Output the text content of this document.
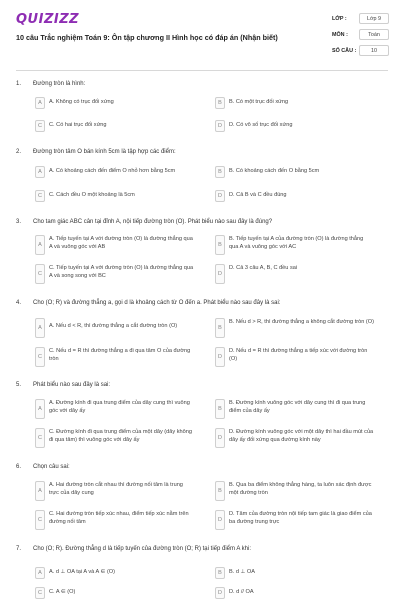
QUIZIZZ
10 câu Trắc nghiệm Toán 9: Ôn tập chương II Hình học có đáp án (Nhận biết)
LỚP :	Lớp 9
MÔN :	Toán
SỐ CÂU :	10
1. Đường tròn là hình:
A	A. Không có trục đối xứng	B	B. Có một trục đối xứng
C	C. Có hai trục đối xứng	D	D. Có vô số trục đối xứng
2. Đường tròn tâm O bán kính 5cm là tập hợp các điểm:
A	A. Có khoảng cách đến điểm O nhỏ hơn bằng 5cm	B	B. Có khoảng cách đến O bằng 5cm
C	C. Cách đều O một khoảng là 5cm	D	D. Cả B và C đều đúng
3. Cho tam giác ABC cân tại đỉnh A, nội tiếp đường tròn (O). Phát biểu nào sau đây là đúng?
A
A. Tiếp tuyến tại A với đường tròn (O) là đường thẳng qua A và vuông góc với AB	B
B. Tiếp tuyến tại A của đường tròn (O) là đường thẳng qua A và vuông góc với AC
C
C. Tiếp tuyến tại A với đường tròn (O) là đường thẳng qua A và song song với BC	D
D. Cả 3 câu A, B, C đều sai
4. Cho (O; R) và đường thẳng a, gọi d là khoảng cách từ O đến a. Phát biểu nào sau đây là sai:
A	A. Nếu d < R, thì đường thẳng a cắt đường tròn (O)	B
B. Nếu d > R, thì đường thẳng a không cắt đường tròn (O)
C
C. Nếu d = R thì đường thẳng a đi qua tâm O của đường tròn	D
D. Nếu d = R thì đường thẳng a tiếp xúc với đường tròn (O)
5. Phát biểu nào sau đây là sai:
A
A. Đường kính đi qua trung điểm của dây cung thì vuông góc với dây ấy	B
B. Đường kính vuông góc với dây cung thì đi qua trung điểm của dây ấy
C
C. Đường kính đi qua trung điểm của một dây (dây không đi qua tâm) thì vuông góc với dây ấy	D
D. Đường kính vuông góc với một dây thì hai đầu mút của dây ấy đối xứng qua đường kính này
6. Chọn câu sai:
A
A. Hai đường tròn cắt nhau thì đường nối tâm là trung trực của dây cung	B
B. Qua ba điểm không thẳng hàng, ta luôn xác định được một đường tròn
C
C. Hai đường tròn tiếp xúc nhau, điểm tiếp xúc nằm trên đường nối tâm	D
D. Tâm của đường tròn nội tiếp tam giác là giao điểm của ba đường trung trực
7. Cho (O; R). Đường thẳng d là tiếp tuyến của đường tròn (O; R) tại tiếp điểm A khi:
A	A. d ⊥ OA tại A và A ∈ (O)	B	B. d ⊥ OA
C	C. A ∈ (O)	D	D. d // OA
